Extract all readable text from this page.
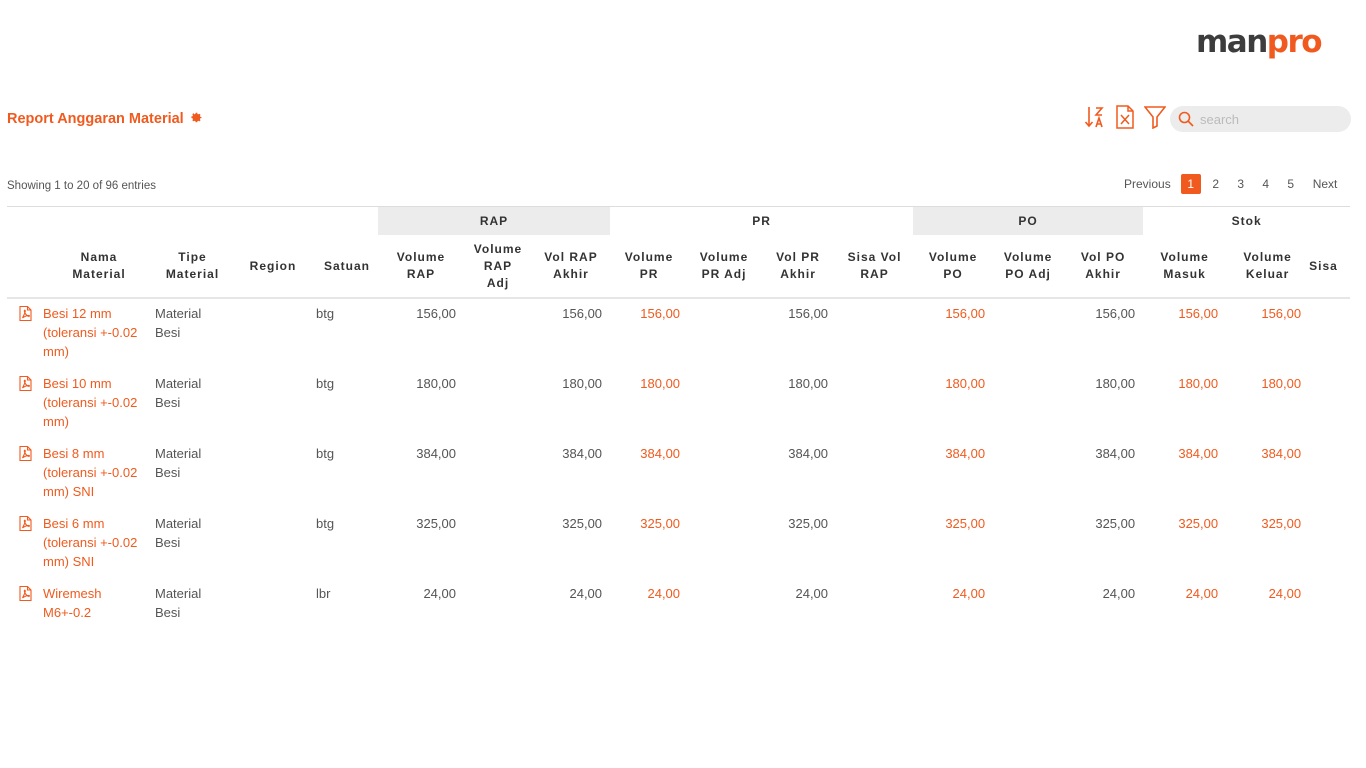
manpro
Report Anggaran Material
search
Showing 1 to 20 of 96 entries	Previous	1	2	3	4	5	Next
					RAP			PR				PO			Stok		
	Nama Material	Tipe Material	Region	Satuan	Volume RAP	Volume RAP Adj	Vol RAP Akhir	Volume PR	Volume PR Adj	Vol PR Akhir	Sisa Vol RAP	Volume PO	Volume PO Adj	Vol PO Akhir	Volume Masuk	Volume Keluar	Sisa
	Besi 12 mm (toleransi +-0.02 mm)	Material Besi		btg	156,00		156,00	156,00		156,00		156,00		156,00	156,00	156,00	
	Besi 10 mm (toleransi +-0.02 mm)	Material Besi		btg	180,00		180,00	180,00		180,00		180,00		180,00	180,00	180,00	
	Besi 8 mm (toleransi +-0.02 mm) SNI	Material Besi		btg	384,00		384,00	384,00		384,00		384,00		384,00	384,00	384,00	
	Besi 6 mm (toleransi +-0.02 mm) SNI	Material Besi		btg	325,00		325,00	325,00		325,00		325,00		325,00	325,00	325,00	
	Wiremesh M6+-0.2	Material Besi		lbr	24,00		24,00	24,00		24,00		24,00		24,00	24,00	24,00	
